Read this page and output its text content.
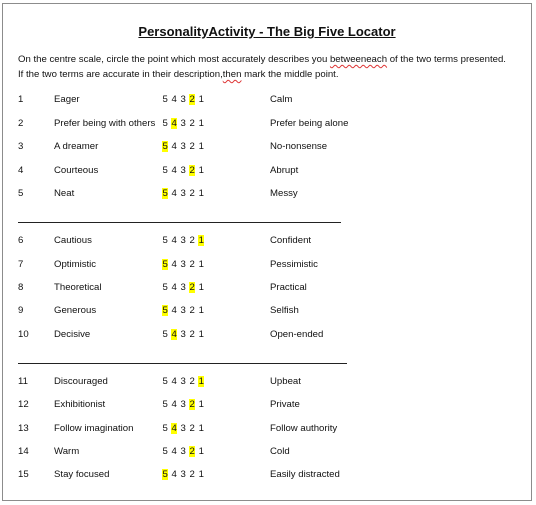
PersonalityActivity - The Big Five Locator
On the centre scale, circle the point which most accurately describes you betweeneach of the two terms presented.
If the two terms are accurate in their description,then mark the middle point.
1	Eager	5 4 3 2 1	Calm
2	Prefer being with others 5 4 3 2 1	Prefer being alone
3	A dreamer	5 4 3 2 1	No-nonsense
4	Courteous	5 4 3 2 1	Abrupt
5	Neat	5 4 3 2 1	Messy
6	Cautious	5 4 3 2 1	Confident
7	Optimistic	5 4 3 2 1	Pessimistic
8	Theoretical	5 4 3 2 1	Practical
9	Generous	5 4 3 2 1	Selfish
10	Decisive	5 4 3 2 1	Open-ended
11	Discouraged	5 4 3 2 1	Upbeat
12	Exhibitionist	5 4 3 2 1	Private
13	Follow imagination	5 4 3 2 1	Follow authority
14	Warm	5 4 3 2 1	Cold
15	Stay focused	5 4 3 2 1	Easily distracted
